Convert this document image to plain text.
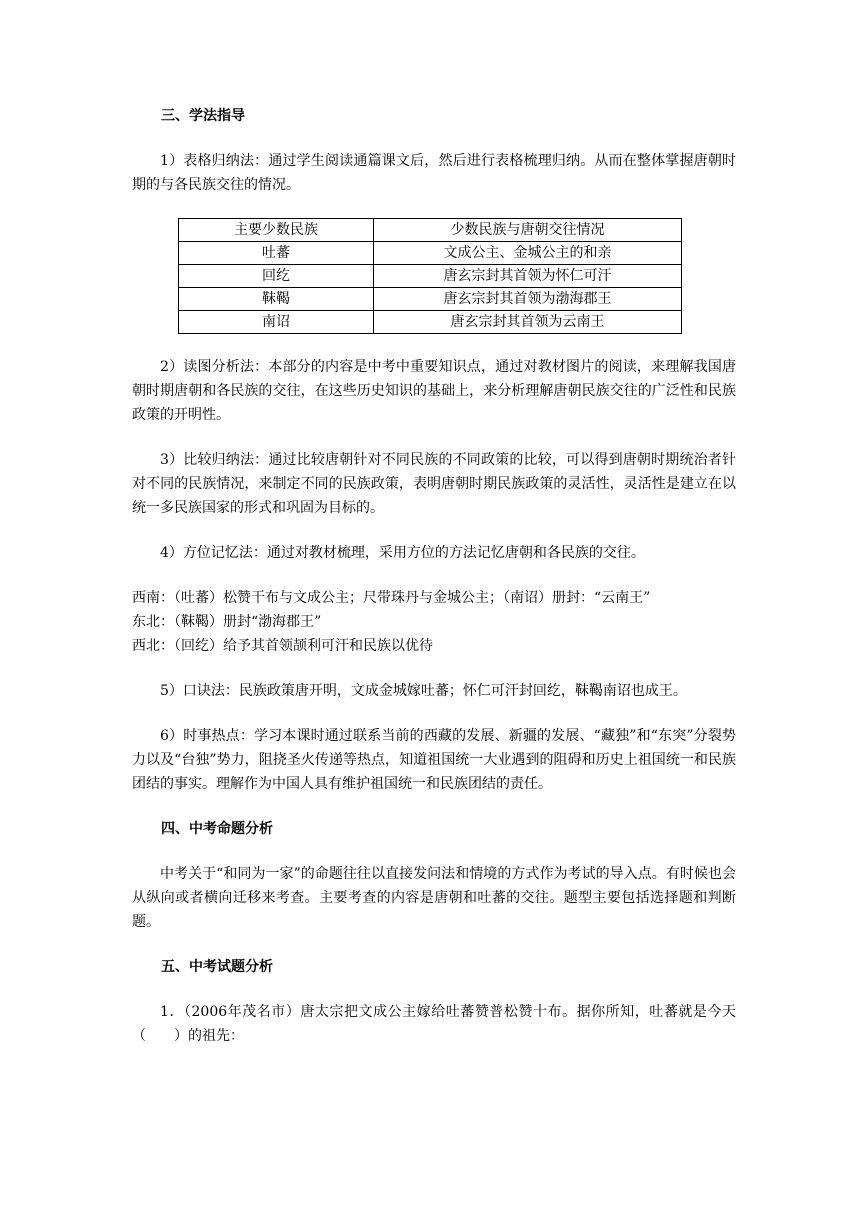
三、学法指导

1）表格归纳法：通过学生阅读通篇课文后，然后进行表格梳理归纳。从而在整体掌握唐朝时期的与各民族交往的情况。

主要少数民族	少数民族与唐朝交往情况
吐蕃	文成公主、金城公主的和亲
回纥	唐玄宗封其首领为怀仁可汗
靺鞨	唐玄宗封其首领为渤海郡王
南诏	唐玄宗封其首领为云南王

2）读图分析法：本部分的内容是中考中重要知识点，通过对教材图片的阅读，来理解我国唐朝时期唐朝和各民族的交往，在这些历史知识的基础上，来分析理解唐朝民族交往的广泛性和民族政策的开明性。

3）比较归纳法：通过比较唐朝针对不同民族的不同政策的比较，可以得到唐朝时期统治者针对不同的民族情况，来制定不同的民族政策，表明唐朝时期民族政策的灵活性，灵活性是建立在以统一多民族国家的形式和巩固为目标的。

4）方位记忆法：通过对教材梳理，采用方位的方法记忆唐朝和各民族的交往。

西南：（吐蕃）松赞干布与文成公主；尺带珠丹与金城公主；（南诏）册封：“云南王”
东北：（靺鞨）册封“渤海郡王”
西北：（回纥）给予其首领颉利可汗和民族以优待

5）口诀法：民族政策唐开明，文成金城嫁吐蕃；怀仁可汗封回纥，靺鞨南诏也成王。

6）时事热点：学习本课时通过联系当前的西藏的发展、新疆的发展、“藏独”和“东突”分裂势力以及“台独”势力，阻挠圣火传递等热点，知道祖国统一大业遇到的阻碍和历史上祖国统一和民族团结的事实。理解作为中国人具有维护祖国统一和民族团结的责任。

四、中考命题分析

中考关于“和同为一家”的命题往往以直接发问法和情境的方式作为考试的导入点。有时候也会从纵向或者横向迁移来考查。主要考查的内容是唐朝和吐蕃的交往。题型主要包括选择题和判断题。

五、中考试题分析

1．（2006年茂名市）唐太宗把文成公主嫁给吐蕃赞普松赞十布。据你所知，吐蕃就是今天（　　）的祖先：
